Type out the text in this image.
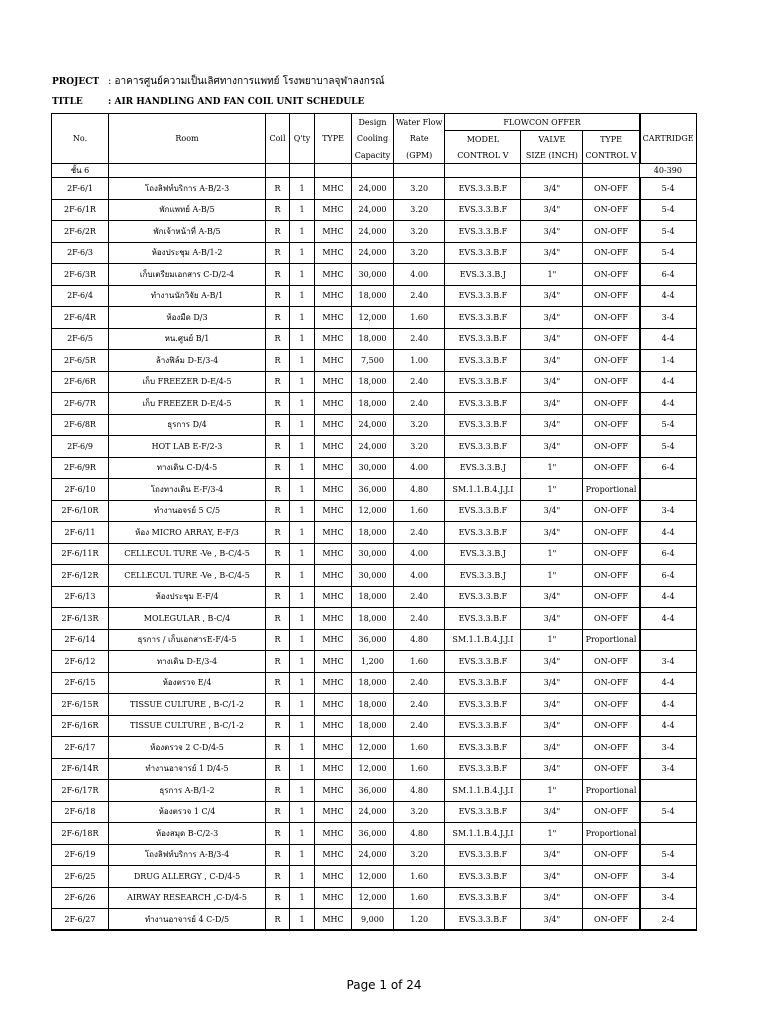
PROJECT : อาคารศูนย์ความเป็นเลิศทางการแพทย์ โรงพยาบาลจุฬาลงกรณ์
TITLE	: AIR HANDLING AND FAN COIL UNIT SCHEDULE
No.	Room	Coil	Q'ty	TYPE	Design	Water Flow	FLOWCON OFFER			CARTRIDGE
					Cooling	Rate	MODEL	VALVE	TYPE	
					Capacity	(GPM)	CONTROL V	SIZE (INCH)	CONTROL V	
ชั้น 6										40-390
2F-6/1	โถงลิฟท์บริการ A-B/2-3	R	1	MHC	24,000	3.20	EVS.3.3.B.F	3/4"	ON-OFF	5-4
2F-6/1R	พักแพทย์ A-B/5	R	1	MHC	24,000	3.20	EVS.3.3.B.F	3/4"	ON-OFF	5-4
2F-6/2R	พักเจ้าหน้าที่ A-B/5	R	1	MHC	24,000	3.20	EVS.3.3.B.F	3/4"	ON-OFF	5-4
2F-6/3	ห้องประชุม A-B/1-2	R	1	MHC	24,000	3.20	EVS.3.3.B.F	3/4"	ON-OFF	5-4
2F-6/3R	เก็บเตรียมเอกสาร C-D/2-4	R	1	MHC	30,000	4.00	EVS.3.3.B.J	1"	ON-OFF	6-4
2F-6/4	ทำงานนักวิจัย A-B/1	R	1	MHC	18,000	2.40	EVS.3.3.B.F	3/4"	ON-OFF	4-4
2F-6/4R	ห้องมืด D/3	R	1	MHC	12,000	1.60	EVS.3.3.B.F	3/4"	ON-OFF	3-4
2F-6/5	หน.ศูนย์ B/1	R	1	MHC	18,000	2.40	EVS.3.3.B.F	3/4"	ON-OFF	4-4
2F-6/5R	ล้างฟิล์ม D-E/3-4	R	1	MHC	7,500	1.00	EVS.3.3.B.F	3/4"	ON-OFF	1-4
2F-6/6R	เก็บ FREEZER D-E/4-5	R	1	MHC	18,000	2.40	EVS.3.3.B.F	3/4"	ON-OFF	4-4
2F-6/7R	เก็บ FREEZER D-E/4-5	R	1	MHC	18,000	2.40	EVS.3.3.B.F	3/4"	ON-OFF	4-4
2F-6/8R	ธุรการ D/4	R	1	MHC	24,000	3.20	EVS.3.3.B.F	3/4"	ON-OFF	5-4
2F-6/9	HOT LAB E-F/2-3	R	1	MHC	24,000	3.20	EVS.3.3.B.F	3/4"	ON-OFF	5-4
2F-6/9R	ทางเดิน C-D/4-5	R	1	MHC	30,000	4.00	EVS.3.3.B.J	1"	ON-OFF	6-4
2F-6/10	โถงทางเดิน E-F/3-4	R	1	MHC	36,000	4.80	SM.1.1.B.4.J.J.I	1"	Proportional	
2F-6/10R	ทำงานอจรย์ 5 C/5	R	1	MHC	12,000	1.60	EVS.3.3.B.F	3/4"	ON-OFF	3-4
2F-6/11	ห้อง MICRO ARRAY, E-F/3	R	1	MHC	18,000	2.40	EVS.3.3.B.F	3/4"	ON-OFF	4-4
2F-6/11R	CELLECUL TURE -Ve , B-C/4-5	R	1	MHC	30,000	4.00	EVS.3.3.B.J	1"	ON-OFF	6-4
2F-6/12R	CELLECUL TURE -Ve , B-C/4-5	R	1	MHC	30,000	4.00	EVS.3.3.B.J	1"	ON-OFF	6-4
2F-6/13	ห้องประชุม E-F/4	R	1	MHC	18,000	2.40	EVS.3.3.B.F	3/4"	ON-OFF	4-4
2F-6/13R	MOLEGULAR , B-C/4	R	1	MHC	18,000	2.40	EVS.3.3.B.F	3/4"	ON-OFF	4-4
2F-6/14	ธุรการ / เก็บเอกสารE-F/4-5	R	1	MHC	36,000	4.80	SM.1.1.B.4.J.J.I	1"	Proportional	
2F-6/12	ทางเดิน D-E/3-4	R	1	MHC	1,200	1.60	EVS.3.3.B.F	3/4"	ON-OFF	3-4
2F-6/15	ห้องตรวจ E/4	R	1	MHC	18,000	2.40	EVS.3.3.B.F	3/4"	ON-OFF	4-4
2F-6/15R	TISSUE CULTURE , B-C/1-2	R	1	MHC	18,000	2.40	EVS.3.3.B.F	3/4"	ON-OFF	4-4
2F-6/16R	TISSUE CULTURE , B-C/1-2	R	1	MHC	18,000	2.40	EVS.3.3.B.F	3/4"	ON-OFF	4-4
2F-6/17	ห้องตรวจ 2 C-D/4-5	R	1	MHC	12,000	1.60	EVS.3.3.B.F	3/4"	ON-OFF	3-4
2F-6/14R	ทำงานอาจารย์ 1 D/4-5	R	1	MHC	12,000	1.60	EVS.3.3.B.F	3/4"	ON-OFF	3-4
2F-6/17R	ธุรการ A-B/1-2	R	1	MHC	36,000	4.80	SM.1.1.B.4.J.J.I	1"	Proportional	
2F-6/18	ห้องตรวจ 1 C/4	R	1	MHC	24,000	3.20	EVS.3.3.B.F	3/4"	ON-OFF	5-4
2F-6/18R	ห้องสมุด B-C/2-3	R	1	MHC	36,000	4.80	SM.1.1.B.4.J.J.I	1"	Proportional	
2F-6/19	โถงลิฟท์บริการ A-B/3-4	R	1	MHC	24,000	3.20	EVS.3.3.B.F	3/4"	ON-OFF	5-4
2F-6/25	DRUG ALLERGY , C-D/4-5	R	1	MHC	12,000	1.60	EVS.3.3.B.F	3/4"	ON-OFF	3-4
2F-6/26	AIRWAY RESEARCH ,C-D/4-5	R	1	MHC	12,000	1.60	EVS.3.3.B.F	3/4"	ON-OFF	3-4
2F-6/27	ทำงานอาจารย์ 4 C-D/5	R	1	MHC	9,000	1.20	EVS.3.3.B.F	3/4"	ON-OFF	2-4
Page 1 of 24
